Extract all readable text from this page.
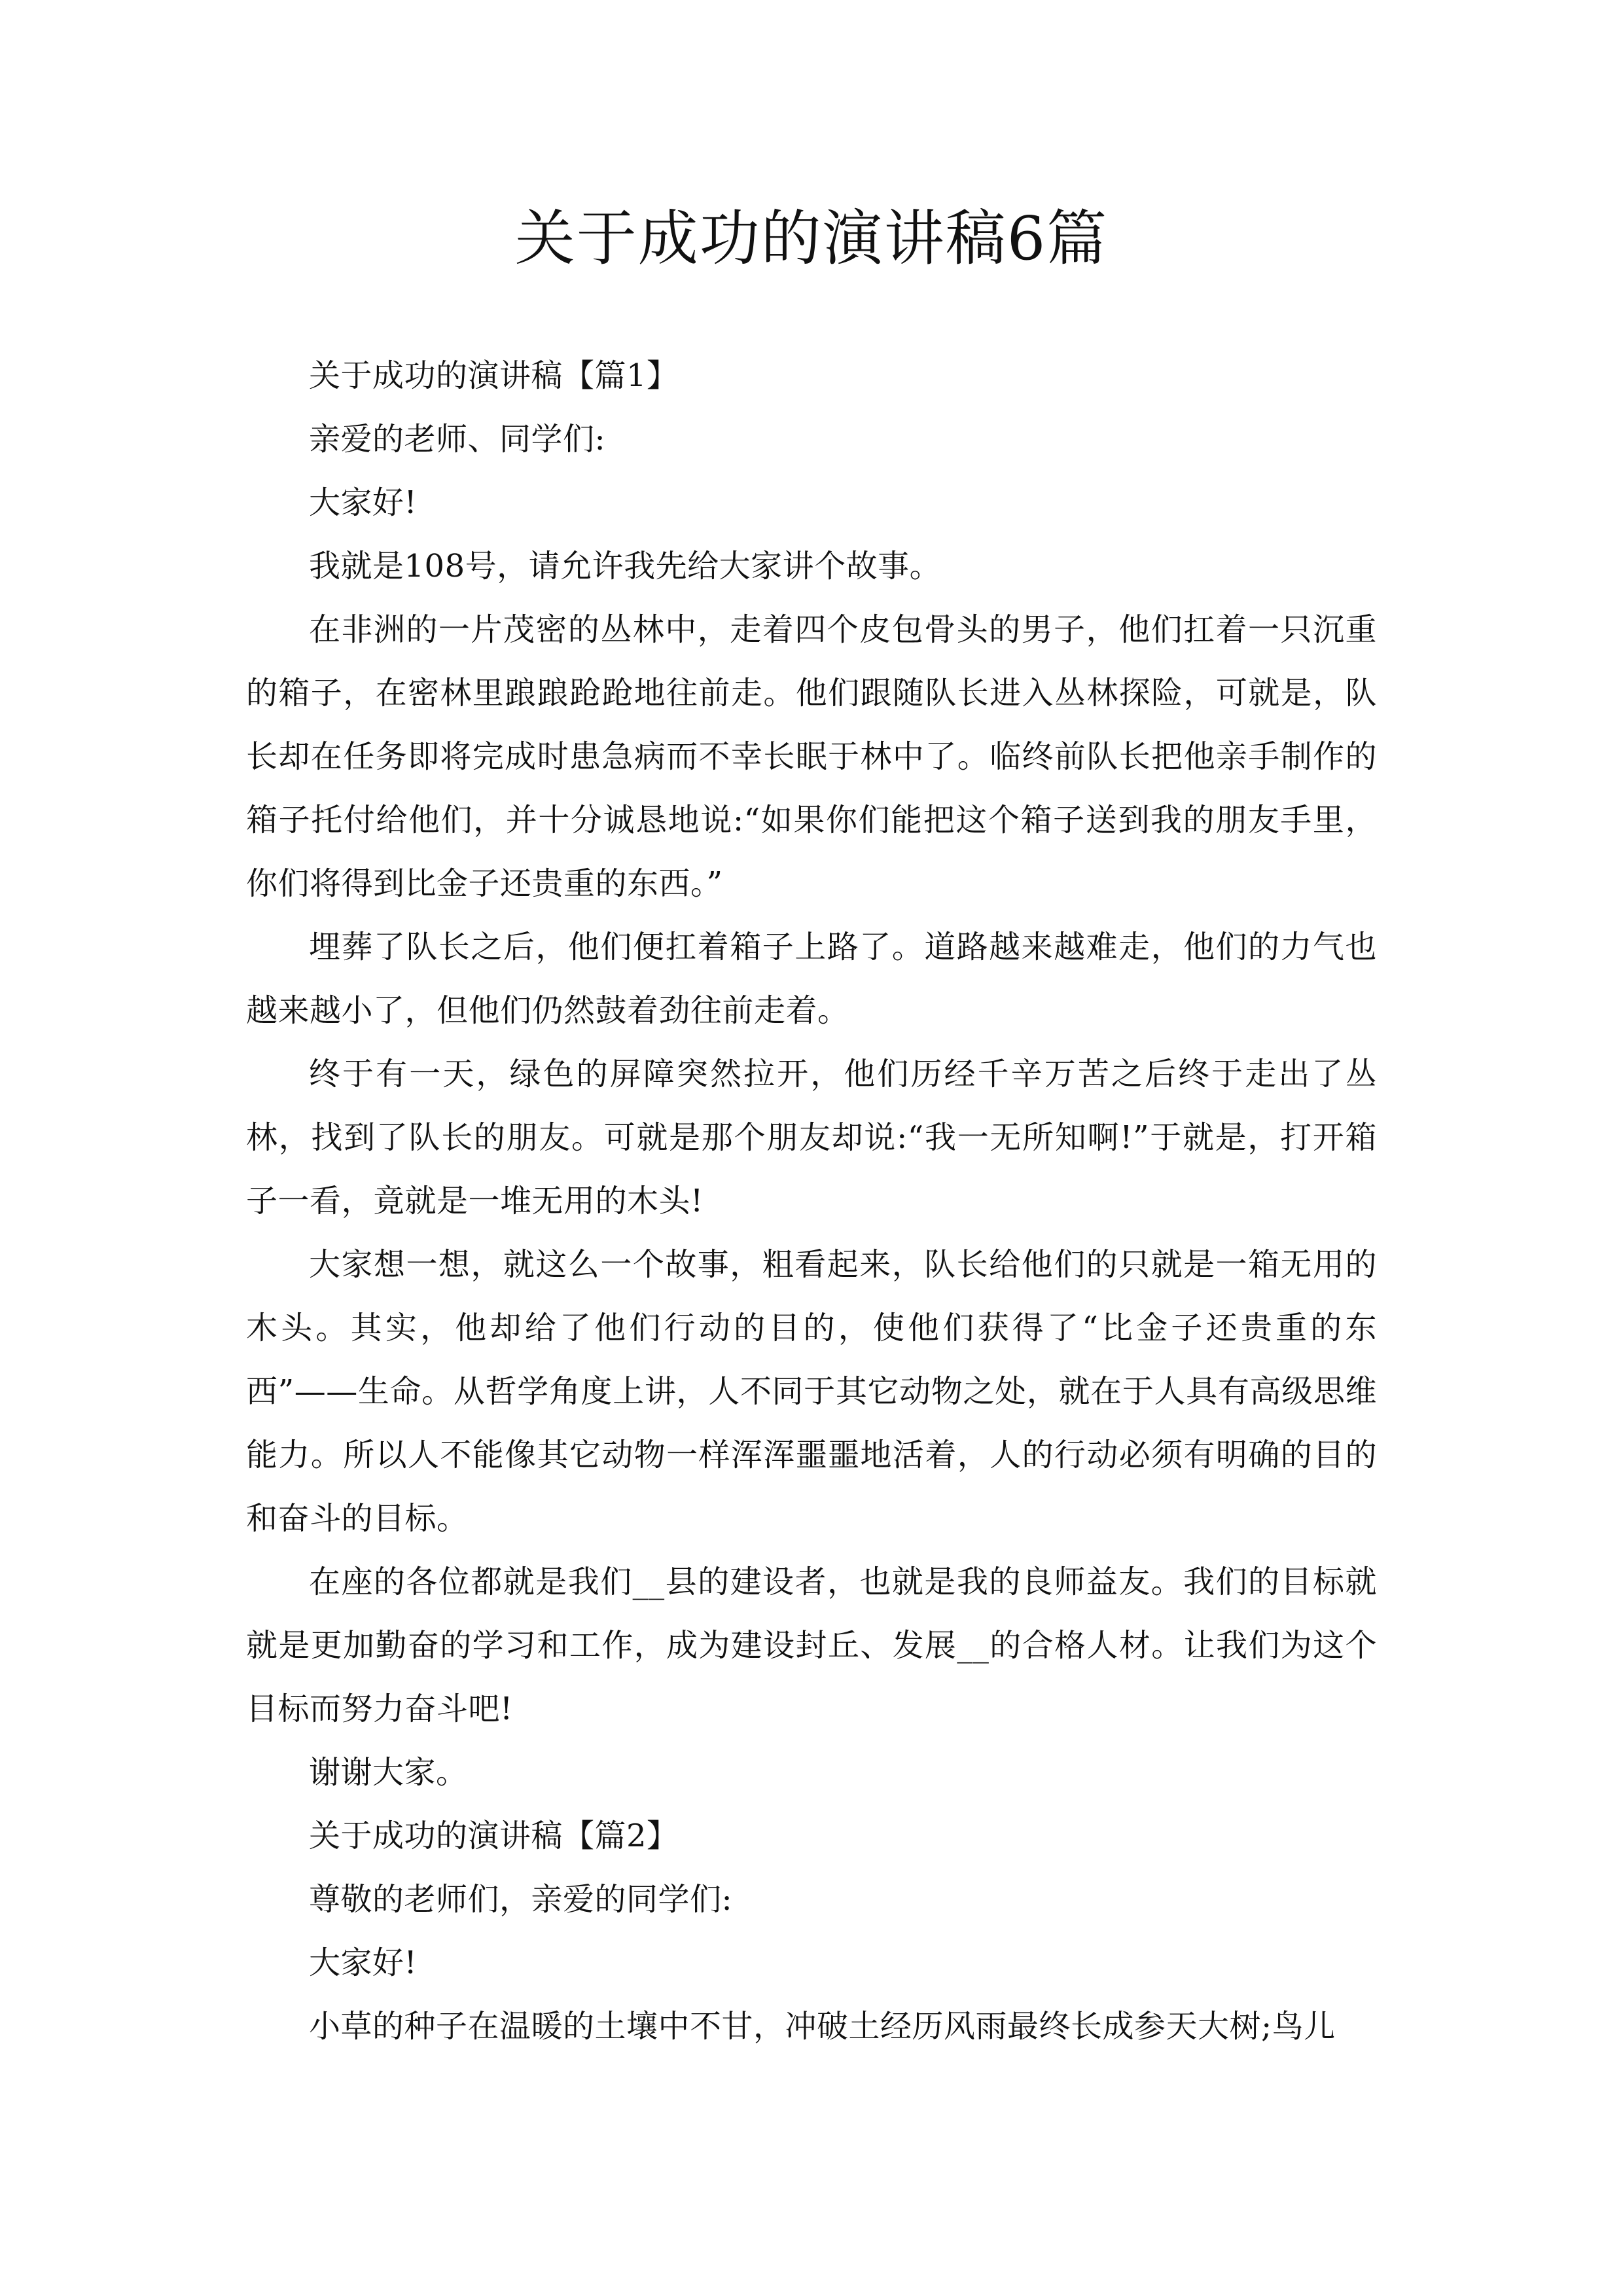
关于成功的演讲稿6篇

关于成功的演讲稿【篇1】

亲爱的老师、同学们:

大家好!

我就是108号，请允许我先给大家讲个故事。

在非洲的一片茂密的丛林中，走着四个皮包骨头的男子，他们扛着一只沉重的箱子，在密林里踉踉跄跄地往前走。他们跟随队长进入丛林探险，可就是，队长却在任务即将完成时患急病而不幸长眠于林中了。临终前队长把他亲手制作的箱子托付给他们，并十分诚恳地说:“如果你们能把这个箱子送到我的朋友手里，你们将得到比金子还贵重的东西。”

埋葬了队长之后，他们便扛着箱子上路了。道路越来越难走，他们的力气也越来越小了，但他们仍然鼓着劲往前走着。

终于有一天，绿色的屏障突然拉开，他们历经千辛万苦之后终于走出了丛林，找到了队长的朋友。可就是那个朋友却说:“我一无所知啊!”于就是，打开箱子一看，竟就是一堆无用的木头!

大家想一想，就这么一个故事，粗看起来，队长给他们的只就是一箱无用的木头。其实，他却给了他们行动的目的，使他们获得了“比金子还贵重的东西”——生命。从哲学角度上讲，人不同于其它动物之处，就在于人具有高级思维能力。所以人不能像其它动物一样浑浑噩噩地活着，人的行动必须有明确的目的和奋斗的目标。

在座的各位都就是我们__县的建设者，也就是我的良师益友。我们的目标就就是更加勤奋的学习和工作，成为建设封丘、发展__的合格人材。让我们为这个目标而努力奋斗吧!

谢谢大家。

关于成功的演讲稿【篇2】

尊敬的老师们，亲爱的同学们:

大家好!

小草的种子在温暖的土壤中不甘，冲破土经历风雨最终长成参天大树;鸟儿
